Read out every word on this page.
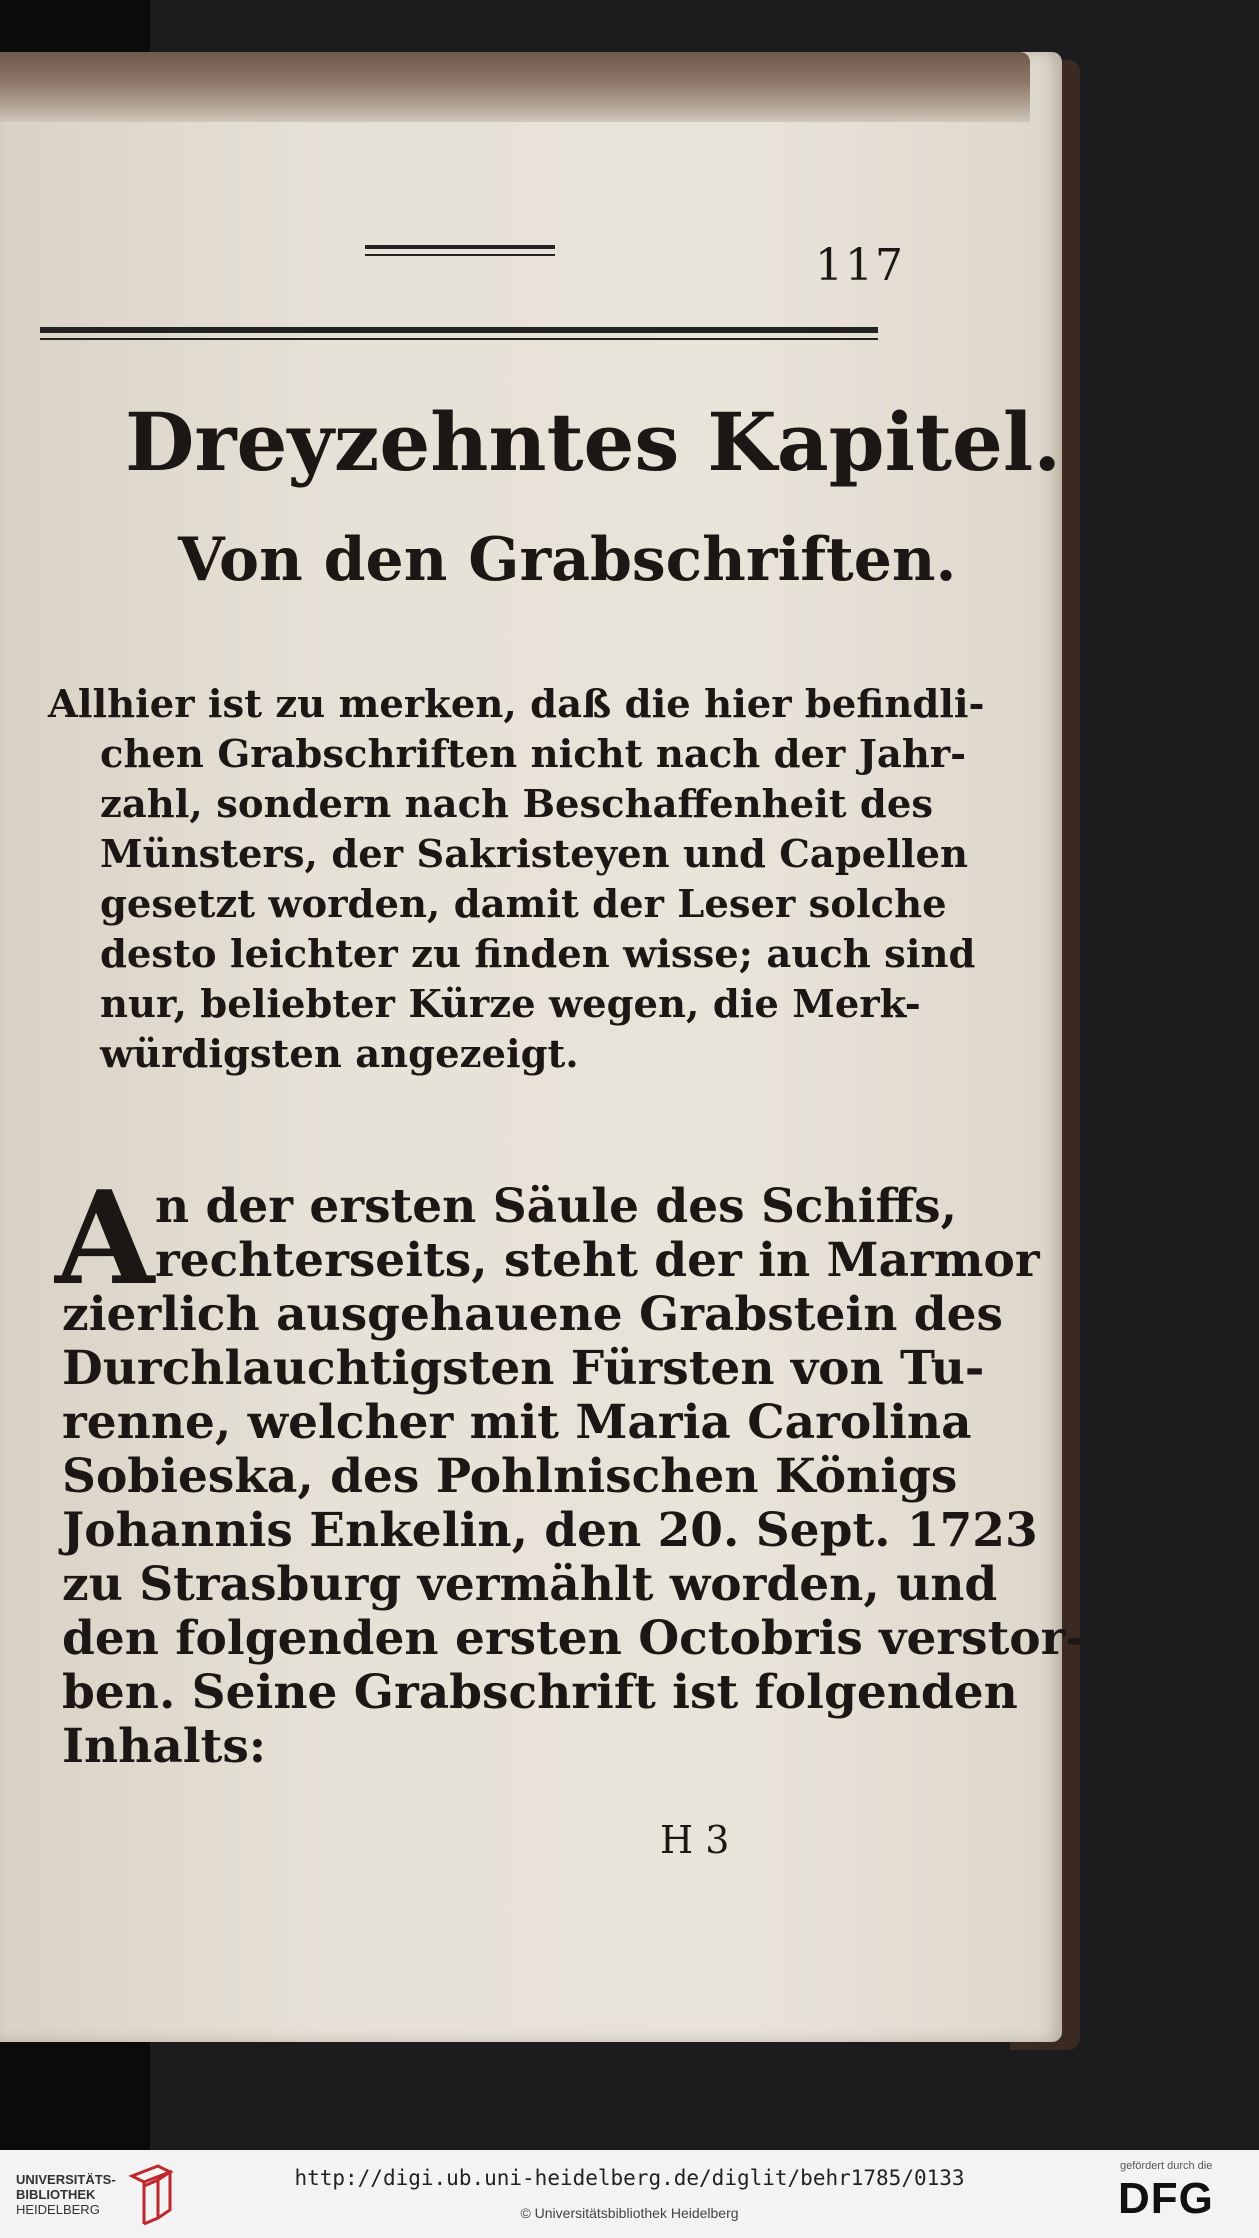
117
Dreyzehntes Kapitel.
Von den Grabschriften.
Allhier ist zu merken, daß die hier befindli-
chen Grabschriften nicht nach der Jahr-
zahl, sondern nach Beschaffenheit des
Münsters, der Sakristeyen und Capellen
gesetzt worden, damit der Leser solche
desto leichter zu finden wisse; auch sind
nur, beliebter Kürze wegen, die Merk-
würdigsten angezeigt.
A n der ersten Säule des Schiffs,
rechterseits, steht der in Marmor
zierlich ausgehauene Grabstein des
Durchlauchtigsten Fürsten von Tu-
renne, welcher mit Maria Carolina
Sobieska, des Pohlnischen Königs
Johannis Enkelin, den 20. Sept. 1723
zu Strasburg vermählt worden, und
den folgenden ersten Octobris verstor-
ben. Seine Grabschrift ist folgenden
Inhalts:
H 3
UNIVERSITÄTS-
BIBLIOTHEK
HEIDELBERG
http://digi.ub.uni-heidelberg.de/diglit/behr1785/0133
© Universitätsbibliothek Heidelberg
gefördert durch die
DFG
